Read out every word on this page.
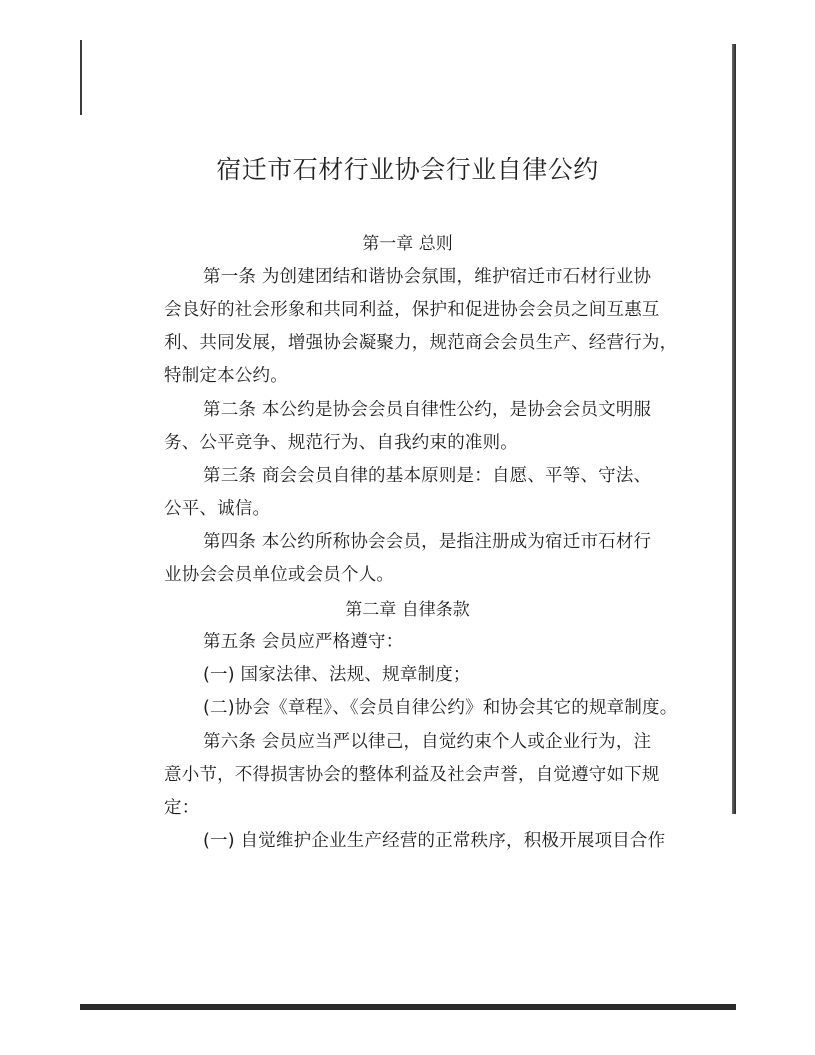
宿迁市石材行业协会行业自律公约
第一章 总则
第一条 为创建团结和谐协会氛围，维护宿迁市石材行业协
会良好的社会形象和共同利益，保护和促进协会会员之间互惠互
利、共同发展，增强协会凝聚力，规范商会会员生产、经营行为，
特制定本公约。
第二条 本公约是协会会员自律性公约，是协会会员文明服
务、公平竞争、规范行为、自我约束的准则。
第三条 商会会员自律的基本原则是：自愿、平等、守法、
公平、诚信。
第四条 本公约所称协会会员，是指注册成为宿迁市石材行
业协会会员单位或会员个人。
第二章 自律条款
第五条 会员应严格遵守：
(一) 国家法律、法规、规章制度；
(二)协会《章程》、《会员自律公约》和协会其它的规章制度。
第六条 会员应当严以律己，自觉约束个人或企业行为，注
意小节，不得损害协会的整体利益及社会声誉，自觉遵守如下规
定：
(一) 自觉维护企业生产经营的正常秩序，积极开展项目合作
